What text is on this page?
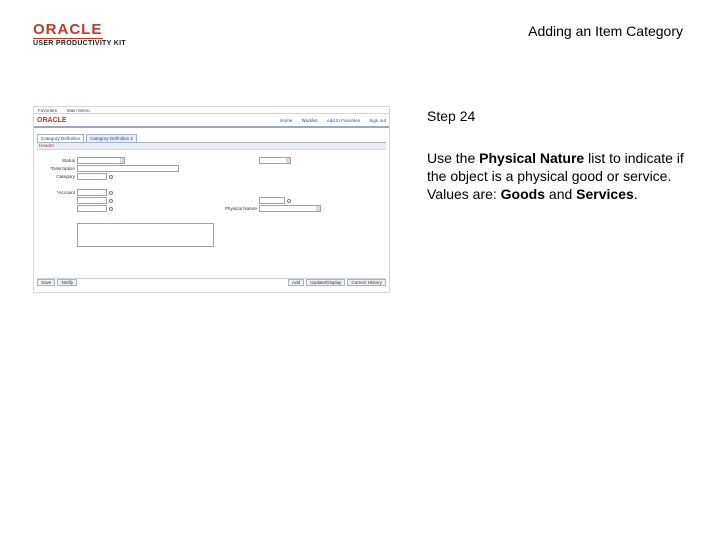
ORACLE
USER PRODUCTIVITY KIT
Adding an Item Category
Favorites Main Menu
ORACLE	Home Worklist Add to Favorites Sign out
Category Definition	Category Definition 2
Header
Status
*Description
Category
*Account
Physical Nature
Save	Notify	Add	Update/Display	Correct History
Step 24
Use the Physical Nature list to indicate if the object is a physical good or service. Values are: Goods and Services.
